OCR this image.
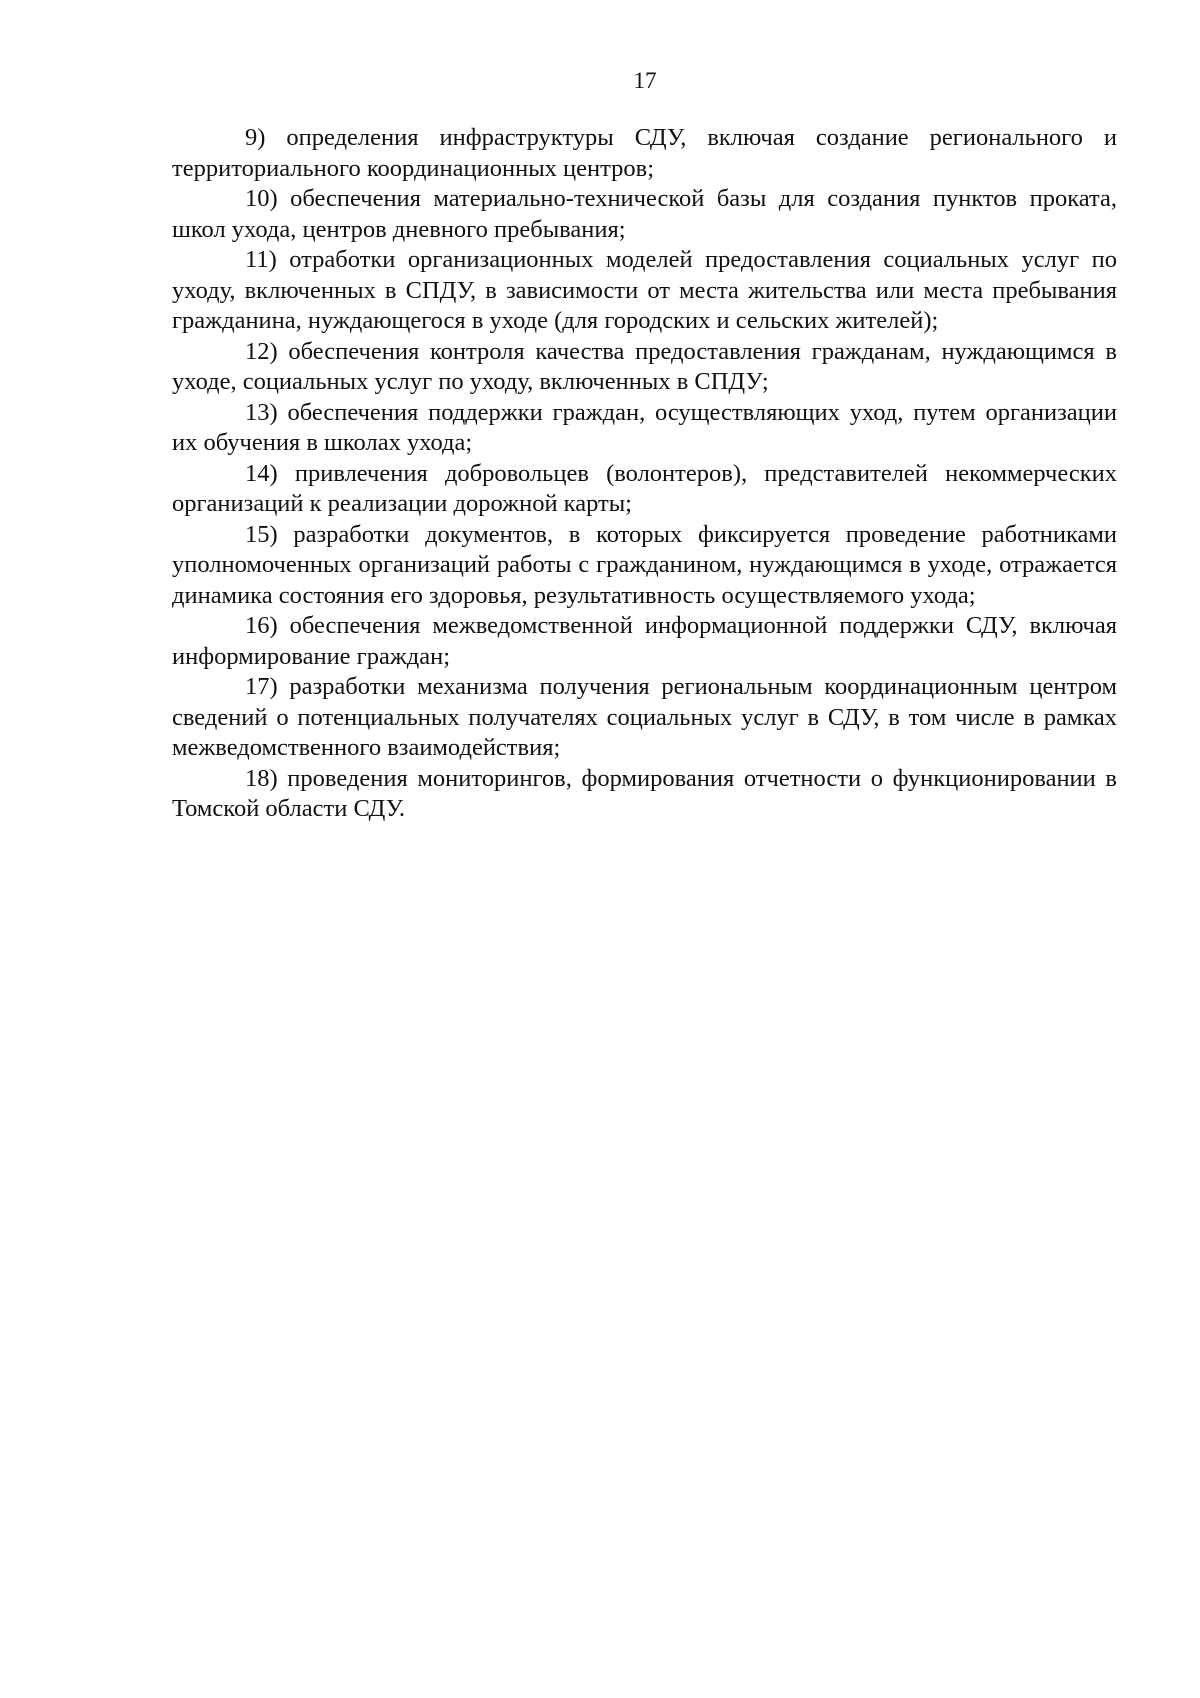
17

9) определения инфраструктуры СДУ, включая создание регионального и территориального координационных центров;

10) обеспечения материально-технической базы для создания пунктов проката, школ ухода, центров дневного пребывания;

11) отработки организационных моделей предоставления социальных услуг по уходу, включенных в СПДУ, в зависимости от места жительства или места пребывания гражданина, нуждающегося в уходе (для городских и сельских жителей);

12) обеспечения контроля качества предоставления гражданам, нуждающимся в уходе, социальных услуг по уходу, включенных в СПДУ;

13) обеспечения поддержки граждан, осуществляющих уход, путем организации их обучения в школах ухода;

14) привлечения добровольцев (волонтеров), представителей некоммерческих организаций к реализации дорожной карты;

15) разработки документов, в которых фиксируется проведение работниками уполномоченных организаций работы с гражданином, нуждающимся в уходе, отражается динамика состояния его здоровья, результативность осуществляемого ухода;

16) обеспечения межведомственной информационной поддержки СДУ, включая информирование граждан;

17) разработки механизма получения региональным координационным центром сведений о потенциальных получателях социальных услуг в СДУ, в том числе в рамках межведомственного взаимодействия;

18) проведения мониторингов, формирования отчетности о функционировании в Томской области СДУ.
